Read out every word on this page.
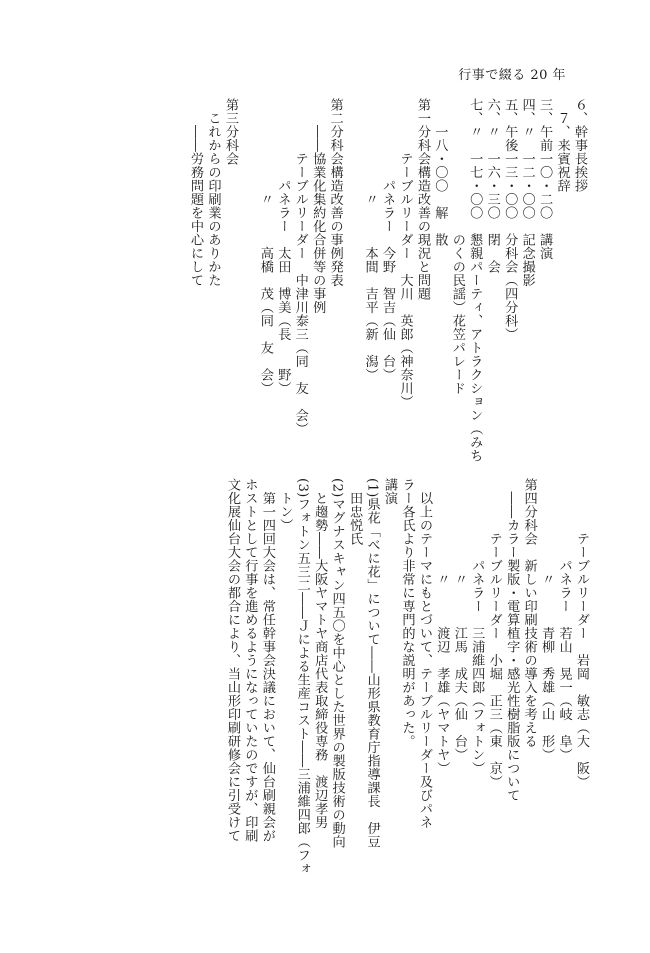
行事で綴る 20 年
６、幹事長挨拶
　７、来賓祝辞
三、午前一〇・二〇　講演
四、〃　一二・〇〇　記念撮影
五、午後一三・〇〇　分科会（四分科）
六、〃　一六・三〇　閉　会
七、〃　一七・〇〇　懇親パーティ、アトラクション（みち
　　　　　　　　　　のくの民謡）花笠パレード
　　一八・〇〇　解　散
第一分科会構造改善の現況と問題
　　　　テーブルリーダー　大川　英郎（神奈川）
　　　　　　パネラー　今野　智吉（仙　台）
　　　　　　　〃　　　本間　吉平（新　潟）

第二分科会構造改善の事例発表
　　――協業化集約化合併等の事例
　　　　テーブルリーダー　中津川泰三（同　友　会）
　　　　　　パネラー　太田　博美（長　　野）
　　　　　　　〃　　　高橋　茂（同　友　会）

第三分科会
　これからの印刷業のありかた
　　――労務問題を中心にして
　　　　テーブルリーダー　岩岡　敏志（大　阪）
　　　　　　パネラー　若山　晃一（岐　阜）
　　　　　　　〃　　　青柳　秀雄（山　形）
第四分科会　新しい印刷技術の導入を考える
　――カラー製版・電算植字・感光性樹脂版について
　　　　テーブルリーダー　小堀　正三（東　京）
　　　　　　パネラー　三浦維四郎（フォトン）
　　　　　　　〃　　　江馬　成夫（仙　台）
　　　　　　　〃　　　渡辺　孝雄（ヤマトヤ）
　以上のテーマにもとづいて、テーブルリーダー及びパネ
ラー各氏より非常に専門的な説明があった。
講演
(1)県花「べに花」について――山形県教育庁指導課長　伊豆
　田忠悦氏
(2)マグナスキャン四五〇を中心とした世界の製版技術の動向
　と趨勢――大阪ヤマトヤ商店代表取締役専務　渡辺孝男
(3)フォトン五三二――Ｊによる生産コスト――三浦維四郎（フォ
　トン）
　第一四回大会は、常任幹事会決議において、仙台刷親会が
ホストとして行事を進めるようになっていたのですが、印刷
文化展仙台大会の都合により、当山形印刷研修会に引受けて
